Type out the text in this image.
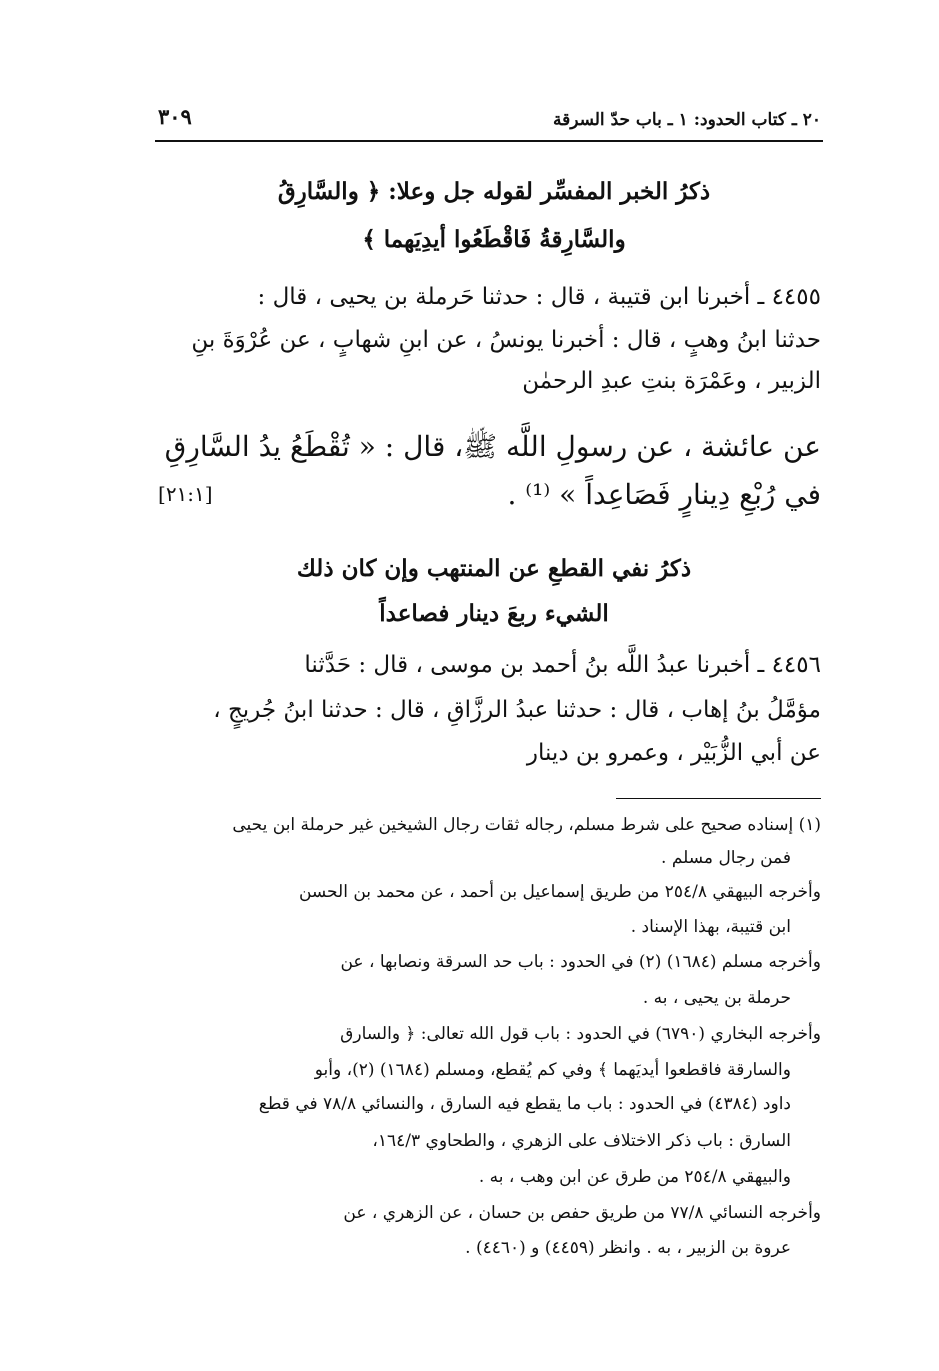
٢٠ ـ كتاب الحدود: ١ ـ باب حدّ السرقة
٣٠٩
ذكرُ الخبر المفسِّر لقوله جل وعلا: ﴿ والسَّارِقُ
والسَّارِقةُ فَاقْطَعُوا أيدِيَهما ﴾
٤٤٥٥ ـ أخبرنا ابن قتيبة ، قال : حدثنا حَرملة بن يحيى ، قال :
حدثنا ابنُ وهبٍ ، قال : أخبرنا يونسُ ، عن ابنِ شهابٍ ، عن عُرْوَةَ بنِ
الزبير ، وعَمْرَة بنتِ عبدِ الرحمٰن
عن عائشة ، عن رسولِ اللَّه ﷺ، قال : « تُقْطَعُ يدُ السَّارِقِ
في رُبْعِ دِينارٍ فَصَاعِداً » ⁽¹⁾ .
[٢١:١]
ذكرُ نفي القطعِ عن المنتهب وإن كان ذلك
الشيء ربعَ دينار فصاعداً
٤٤٥٦ ـ أخبرنا عبدُ اللَّه بنُ أحمد بن موسى ، قال : حَدَّثنا
مؤمَّلُ بنُ إهاب ، قال : حدثنا عبدُ الرزَّاقِ ، قال : حدثنا ابنُ جُريجٍ ،
عن أبي الزُّبَيْر ، وعمرو بن دينار
(١) إسناده صحيح على شرط مسلم، رجاله ثقات رجال الشيخين غير حرملة ابن يحيى
فمن رجال مسلم .
وأخرجه البيهقي ٢٥٤/٨ من طريق إسماعيل بن أحمد ، عن محمد بن الحسن
ابن قتيبة، بهذا الإسناد .
وأخرجه مسلم (١٦٨٤) (٢) في الحدود : باب حد السرقة ونصابها ، عن
حرملة بن يحيى ، به .
وأخرجه البخاري (٦٧٩٠) في الحدود : باب قول الله تعالى: ﴿ والسارق
والسارقة فاقطعوا أيديَهما ﴾ وفي كم يُقطع، ومسلم (١٦٨٤) (٢)، وأبو
داود (٤٣٨٤) في الحدود : باب ما يقطع فيه السارق ، والنسائي ٧٨/٨ في قطع
السارق : باب ذكر الاختلاف على الزهري ، والطحاوي ١٦٤/٣،
والبيهقي ٢٥٤/٨ من طرق عن ابن وهب ، به .
وأخرجه النسائي ٧٧/٨ من طريق حفص بن حسان ، عن الزهري ، عن
عروة بن الزبير ، به . وانظر (٤٤٥٩) و (٤٤٦٠) .
